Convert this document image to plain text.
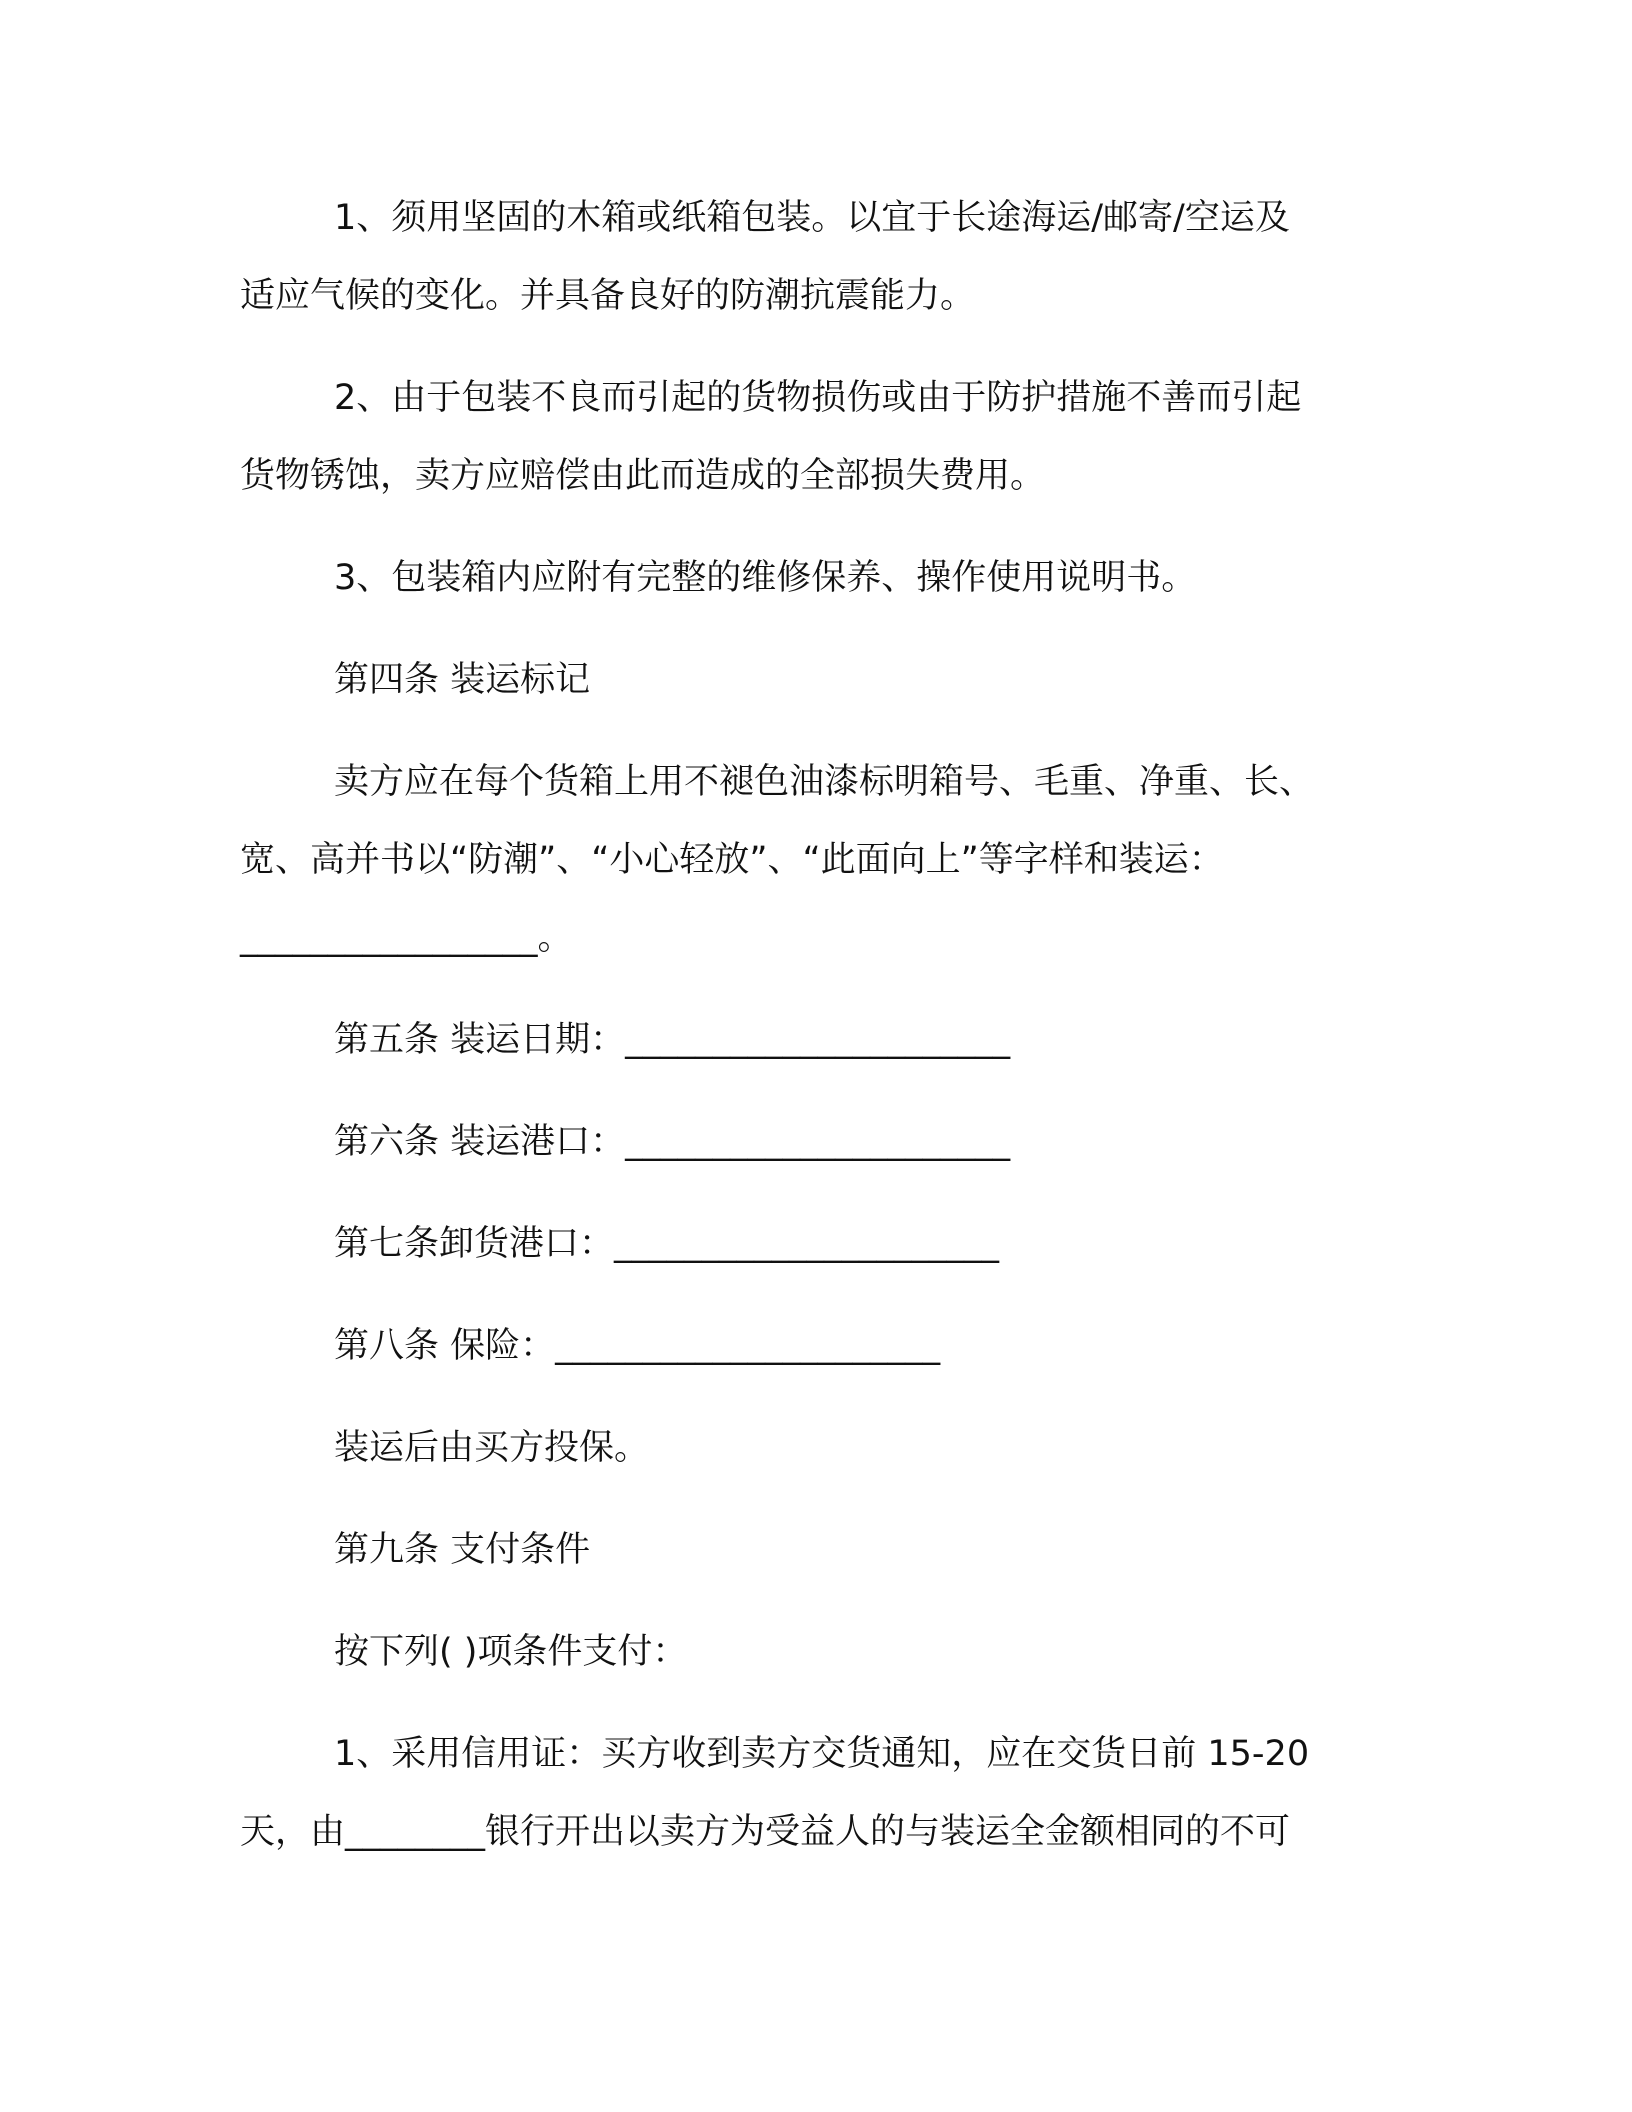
1、须用坚固的木箱或纸箱包装。以宜于长途海运/邮寄/空运及
适应气候的变化。并具备良好的防潮抗震能力。
2、由于包装不良而引起的货物损伤或由于防护措施不善而引起
货物锈蚀，卖方应赔偿由此而造成的全部损失费用。
3、包装箱内应附有完整的维修保养、操作使用说明书。
第四条 装运标记
卖方应在每个货箱上用不褪色油漆标明箱号、毛重、净重、长、
宽、高并书以“防潮”、“小心轻放”、“此面向上”等字样和装运：
_________________。
第五条 装运日期：______________________
第六条 装运港口：______________________
第七条卸货港口：______________________
第八条 保险：______________________
装运后由买方投保。
第九条 支付条件
按下列( )项条件支付：
1、采用信用证：买方收到卖方交货通知，应在交货日前 15-20
天，由________银行开出以卖方为受益人的与装运全金额相同的不可
